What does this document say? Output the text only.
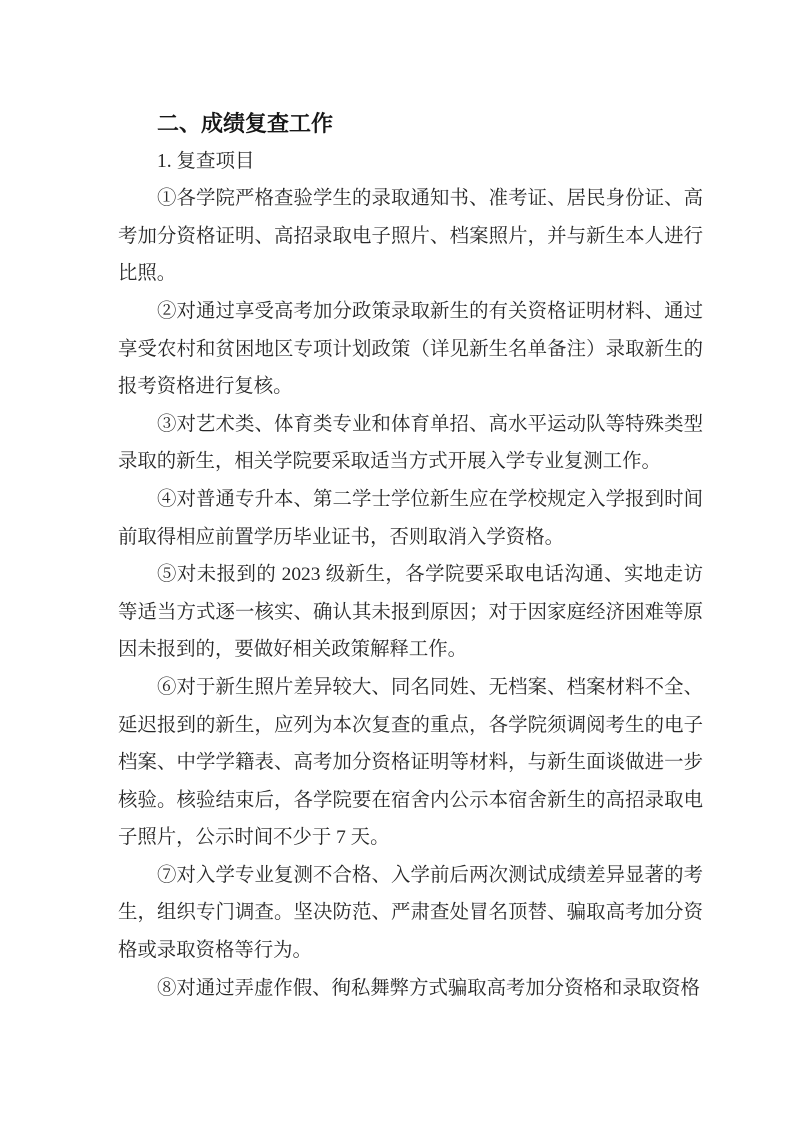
二、成绩复查工作
1. 复查项目

①各学院严格查验学生的录取通知书、准考证、居民身份证、高考加分资格证明、高招录取电子照片、档案照片，并与新生本人进行比照。

②对通过享受高考加分政策录取新生的有关资格证明材料、通过享受农村和贫困地区专项计划政策（详见新生名单备注）录取新生的报考资格进行复核。

③对艺术类、体育类专业和体育单招、高水平运动队等特殊类型录取的新生，相关学院要采取适当方式开展入学专业复测工作。

④对普通专升本、第二学士学位新生应在学校规定入学报到时间前取得相应前置学历毕业证书，否则取消入学资格。

⑤对未报到的 2023 级新生，各学院要采取电话沟通、实地走访等适当方式逐一核实、确认其未报到原因；对于因家庭经济困难等原因未报到的，要做好相关政策解释工作。

⑥对于新生照片差异较大、同名同姓、无档案、档案材料不全、延迟报到的新生，应列为本次复查的重点，各学院须调阅考生的电子档案、中学学籍表、高考加分资格证明等材料，与新生面谈做进一步核验。核验结束后，各学院要在宿舍内公示本宿舍新生的高招录取电子照片，公示时间不少于 7 天。

⑦对入学专业复测不合格、入学前后两次测试成绩差异显著的考生，组织专门调查。坚决防范、严肃查处冒名顶替、骗取高考加分资格或录取资格等行为。

⑧对通过弄虚作假、徇私舞弊方式骗取高考加分资格和录取资格
